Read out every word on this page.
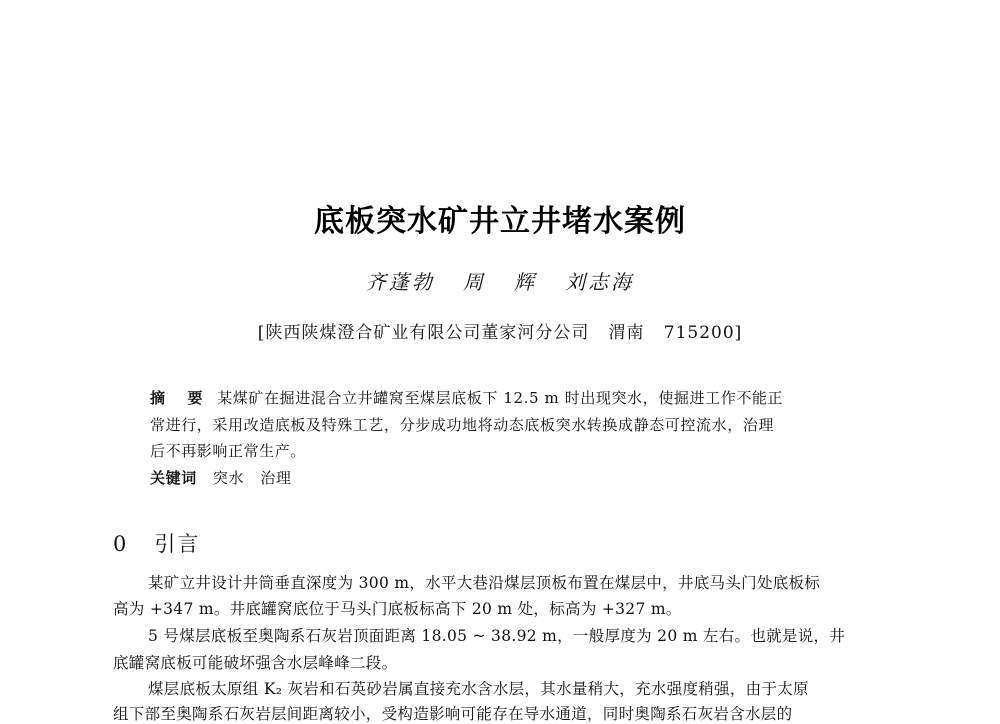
底板突水矿井立井堵水案例
齐蓬勃   周   辉   刘志海
[陕西陕煤澄合矿业有限公司董家河分公司   渭南   715200]
摘  要 某煤矿在掘进混合立井罐窝至煤层底板下 12.5 m 时出现突水，使掘进工作不能正
常进行，采用改造底板及特殊工艺，分步成功地将动态底板突水转换成静态可控流水，治理
后不再影响正常生产。
关键词 突水   治理
0   引言
某矿立井设计井筒垂直深度为 300 m，水平大巷沿煤层顶板布置在煤层中，井底马头门处底板标
高为 +347 m。井底罐窝底位于马头门底板标高下 20 m 处，标高为 +327 m。
5 号煤层底板至奥陶系石灰岩顶面距离 18.05 ~ 38.92 m，一般厚度为 20 m 左右。也就是说，井
底罐窝底板可能破坏强含水层峰峰二段。
煤层底板太原组 K₂ 灰岩和石英砂岩属直接充水含水层，其水量稍大，充水强度稍强，由于太原
组下部至奥陶系石灰岩层间距离较小，受构造影响可能存在导水通道，同时奥陶系石灰岩含水层的
